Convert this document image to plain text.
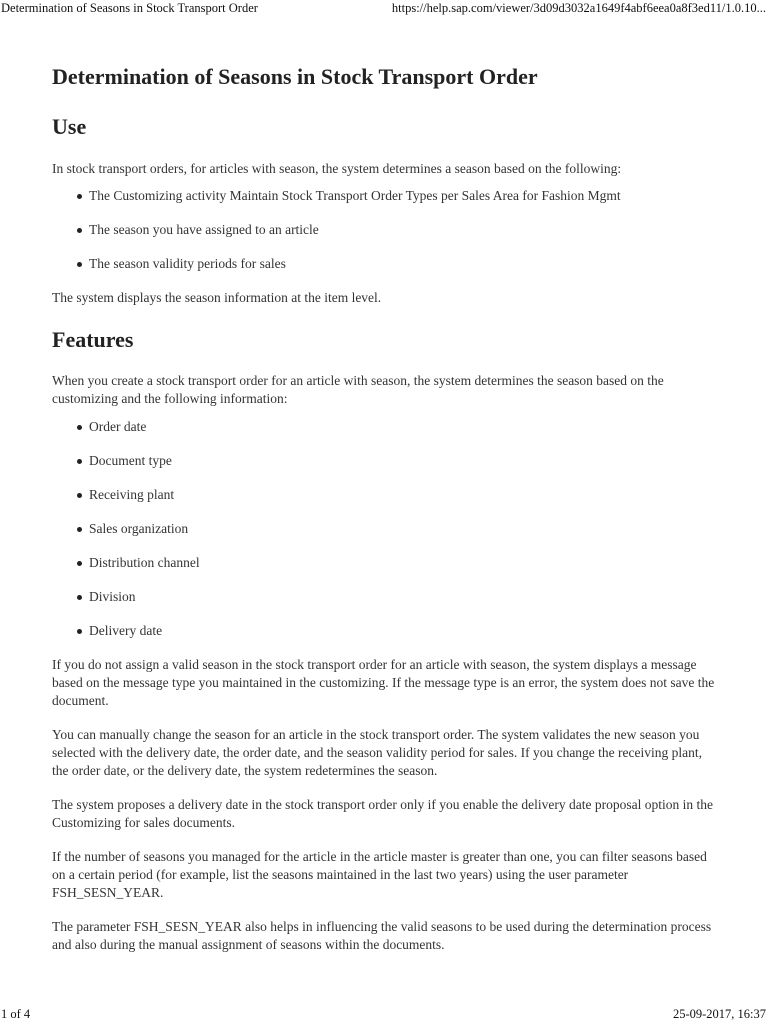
Determination of Seasons in Stock Transport Order	https://help.sap.com/viewer/3d09d3032a1649f4abf6eea0a8f3ed11/1.0.10...
Determination of Seasons in Stock Transport Order
Use

In stock transport orders, for articles with season, the system determines a season based on the following:

The Customizing activity Maintain Stock Transport Order Types per Sales Area for Fashion Mgmt
The season you have assigned to an article
The season validity periods for sales

The system displays the season information at the item level.

Features

When you create a stock transport order for an article with season, the system determines the season based on the customizing and the following information:

Order date
Document type
Receiving plant
Sales organization
Distribution channel
Division
Delivery date

If you do not assign a valid season in the stock transport order for an article with season, the system displays a message based on the message type you maintained in the customizing. If the message type is an error, the system does not save the document.

You can manually change the season for an article in the stock transport order. The system validates the new season you selected with the delivery date, the order date, and the season validity period for sales. If you change the receiving plant, the order date, or the delivery date, the system redetermines the season.

The system proposes a delivery date in the stock transport order only if you enable the delivery date proposal option in the Customizing for sales documents.

If the number of seasons you managed for the article in the article master is greater than one, you can filter seasons based on a certain period (for example, list the seasons maintained in the last two years) using the user parameter FSH_SESN_YEAR.

The parameter FSH_SESN_YEAR also helps in influencing the valid seasons to be used during the determination process and also during the manual assignment of seasons within the documents.

1 of 4	25-09-2017, 16:37
